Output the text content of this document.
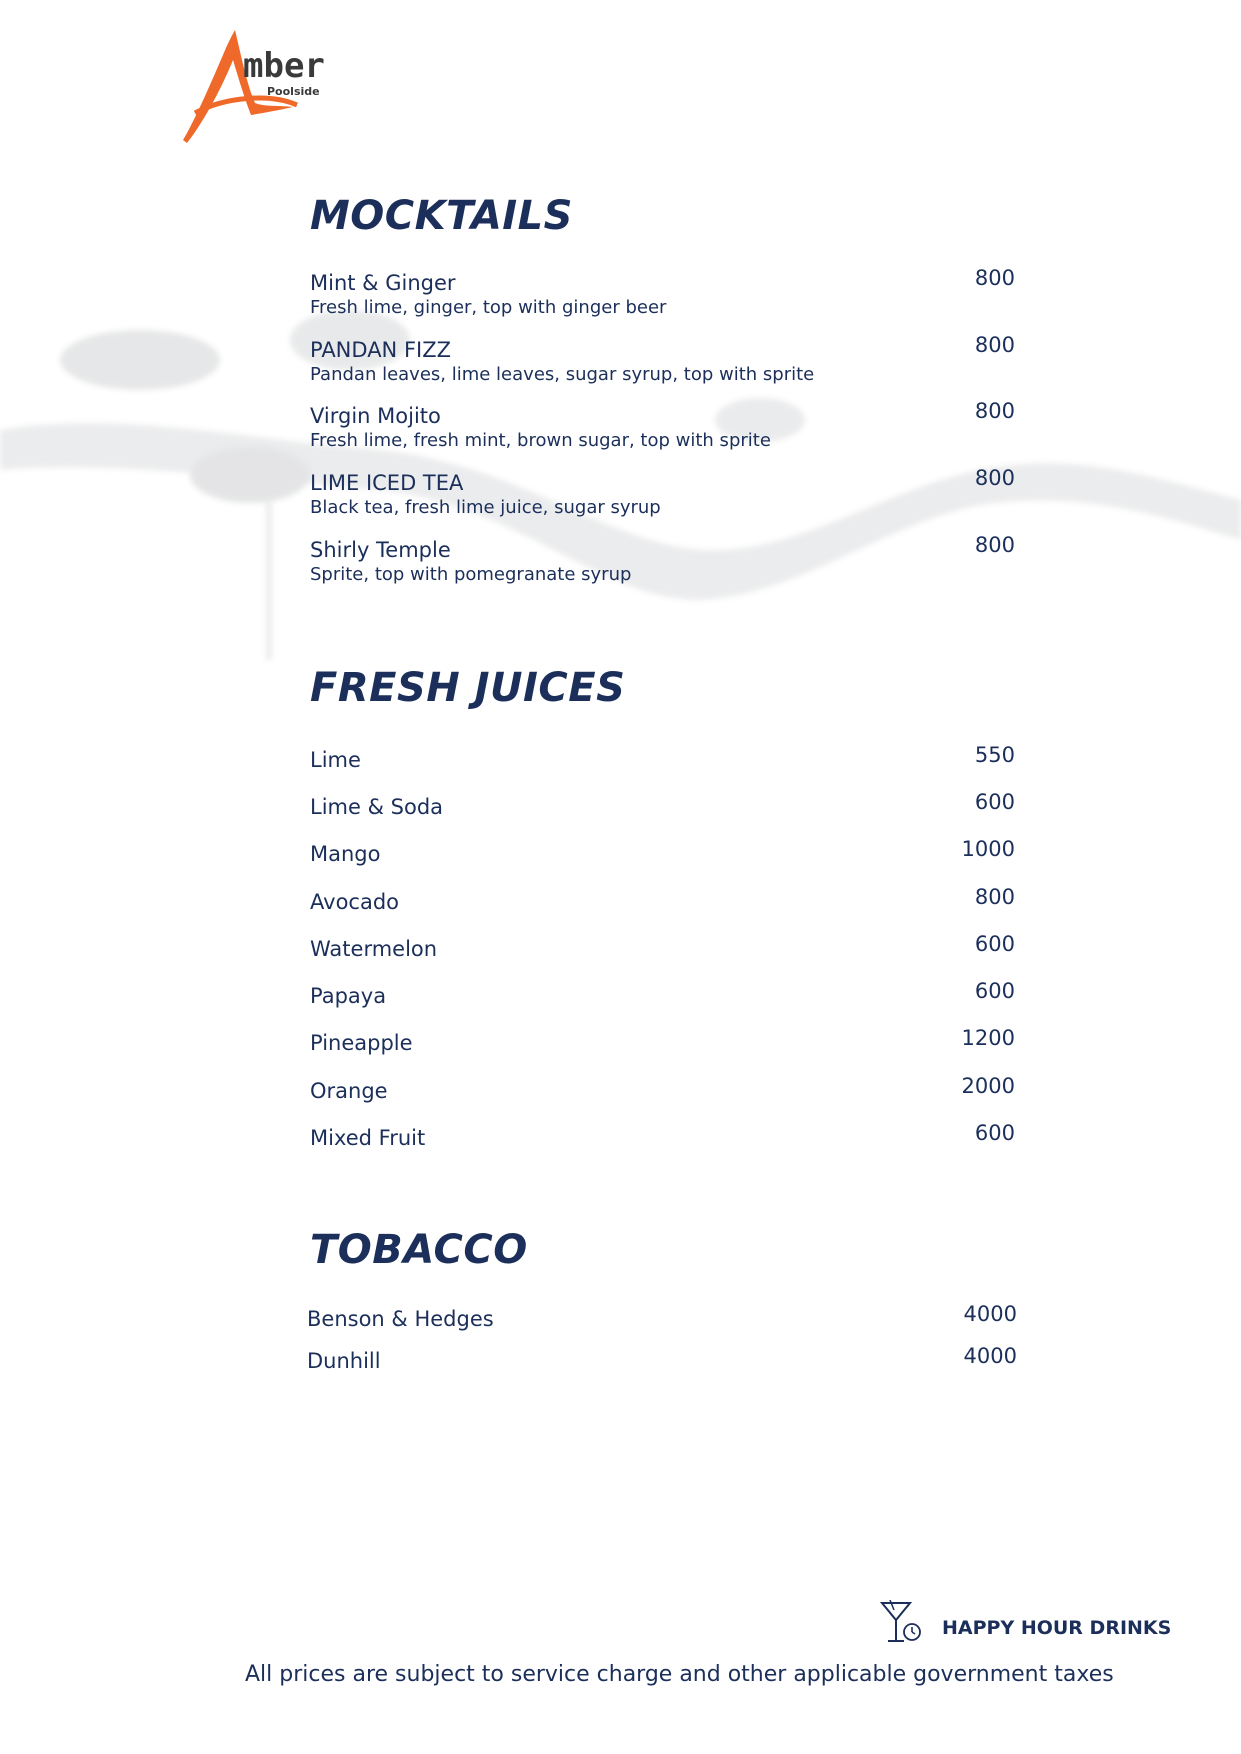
mber
Poolside
MOCKTAILS
Mint & Ginger
Fresh lime, ginger, top with ginger beer
800
PANDAN FIZZ
Pandan leaves, lime leaves, sugar syrup, top with sprite
800
Virgin Mojito
Fresh lime, fresh mint, brown sugar, top with sprite
800
LIME ICED TEA
Black tea, fresh lime juice, sugar syrup
800
Shirly Temple
Sprite, top with pomegranate syrup
800
FRESH JUICES
Lime	550
Lime & Soda	600
Mango	1000
Avocado	800
Watermelon	600
Papaya	600
Pineapple	1200
Orange	2000
Mixed Fruit	600
TOBACCO
Benson & Hedges	4000
Dunhill	4000
HAPPY HOUR DRINKS
All prices are subject to service charge and other applicable government taxes
